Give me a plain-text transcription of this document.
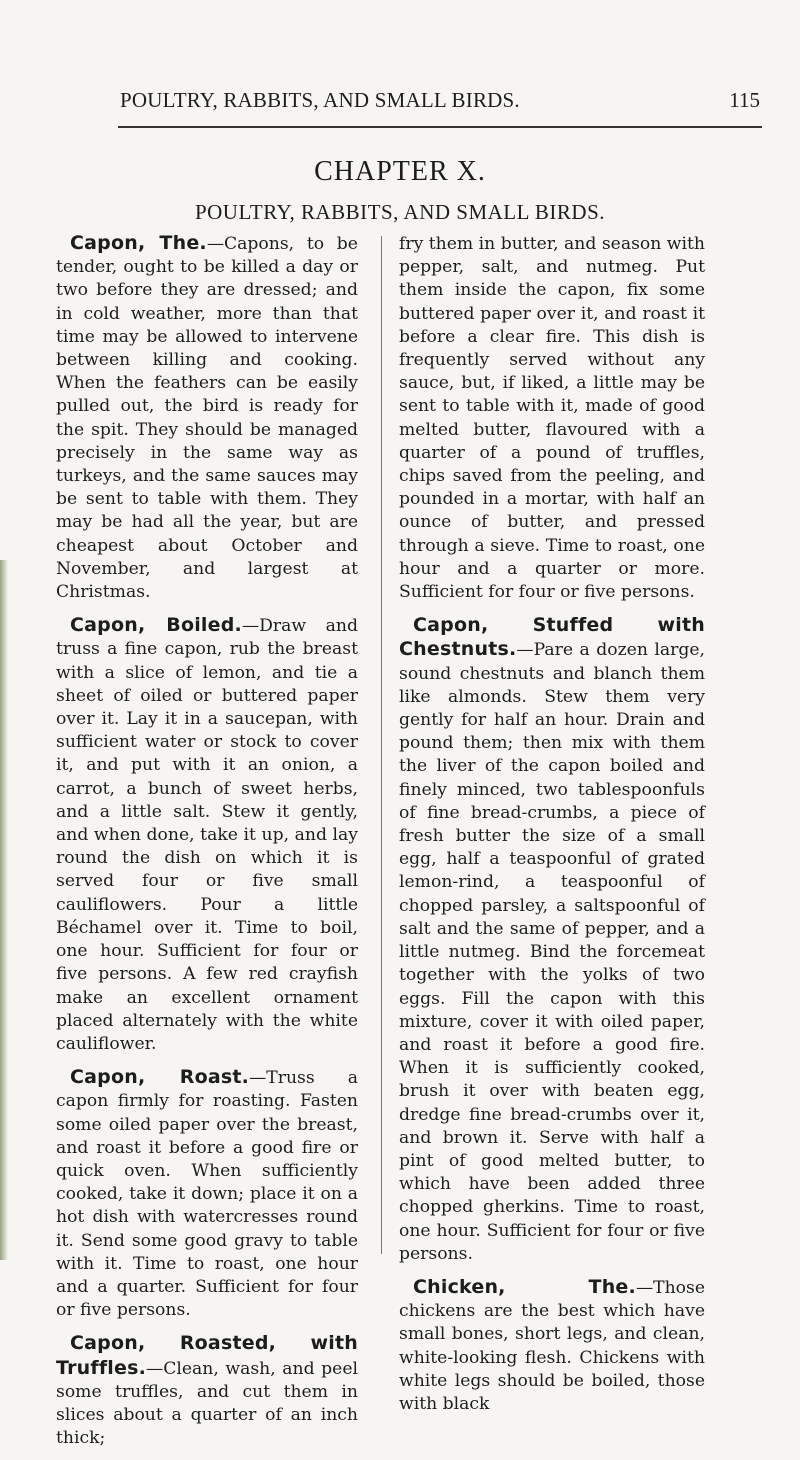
POULTRY, RABBITS, AND SMALL BIRDS.	115
CHAPTER X.
POULTRY, RABBITS, AND SMALL BIRDS.

Capon, The.—Capons, to be tender, ought to be killed a day or two before they are dressed; and in cold weather, more than that time may be allowed to intervene between killing and cooking. When the feathers can be easily pulled out, the bird is ready for the spit. They should be managed precisely in the same way as turkeys, and the same sauces may be sent to table with them. They may be had all the year, but are cheapest about October and November, and largest at Christmas.

Capon, Boiled.—Draw and truss a fine capon, rub the breast with a slice of lemon, and tie a sheet of oiled or buttered paper over it. Lay it in a saucepan, with sufficient water or stock to cover it, and put with it an onion, a carrot, a bunch of sweet herbs, and a little salt. Stew it gently, and when done, take it up, and lay round the dish on which it is served four or five small cauliflowers. Pour a little Béchamel over it. Time to boil, one hour. Sufficient for four or five persons. A few red crayfish make an excellent ornament placed alternately with the white cauliflower.

Capon, Roast.—Truss a capon firmly for roasting. Fasten some oiled paper over the breast, and roast it before a good fire or quick oven. When sufficiently cooked, take it down; place it on a hot dish with watercresses round it. Send some good gravy to table with it. Time to roast, one hour and a quarter. Sufficient for four or five persons.

Capon, Roasted, with Truffles.—Clean, wash, and peel some truffles, and cut them in slices about a quarter of an inch thick;

fry them in butter, and season with pepper, salt, and nutmeg. Put them inside the capon, fix some buttered paper over it, and roast it before a clear fire. This dish is frequently served without any sauce, but, if liked, a little may be sent to table with it, made of good melted butter, flavoured with a quarter of a pound of truffles, chips saved from the peeling, and pounded in a mortar, with half an ounce of butter, and pressed through a sieve. Time to roast, one hour and a quarter or more. Sufficient for four or five persons.

Capon, Stuffed with Chestnuts.—Pare a dozen large, sound chestnuts and blanch them like almonds. Stew them very gently for half an hour. Drain and pound them; then mix with them the liver of the capon boiled and finely minced, two tablespoonfuls of fine bread-crumbs, a piece of fresh butter the size of a small egg, half a teaspoonful of grated lemon-rind, a teaspoonful of chopped parsley, a saltspoonful of salt and the same of pepper, and a little nutmeg. Bind the forcemeat together with the yolks of two eggs. Fill the capon with this mixture, cover it with oiled paper, and roast it before a good fire. When it is sufficiently cooked, brush it over with beaten egg, dredge fine bread-crumbs over it, and brown it. Serve with half a pint of good melted butter, to which have been added three chopped gherkins. Time to roast, one hour. Sufficient for four or five persons.

Chicken, The.—Those chickens are the best which have small bones, short legs, and clean, white-looking flesh. Chickens with white legs should be boiled, those with black
